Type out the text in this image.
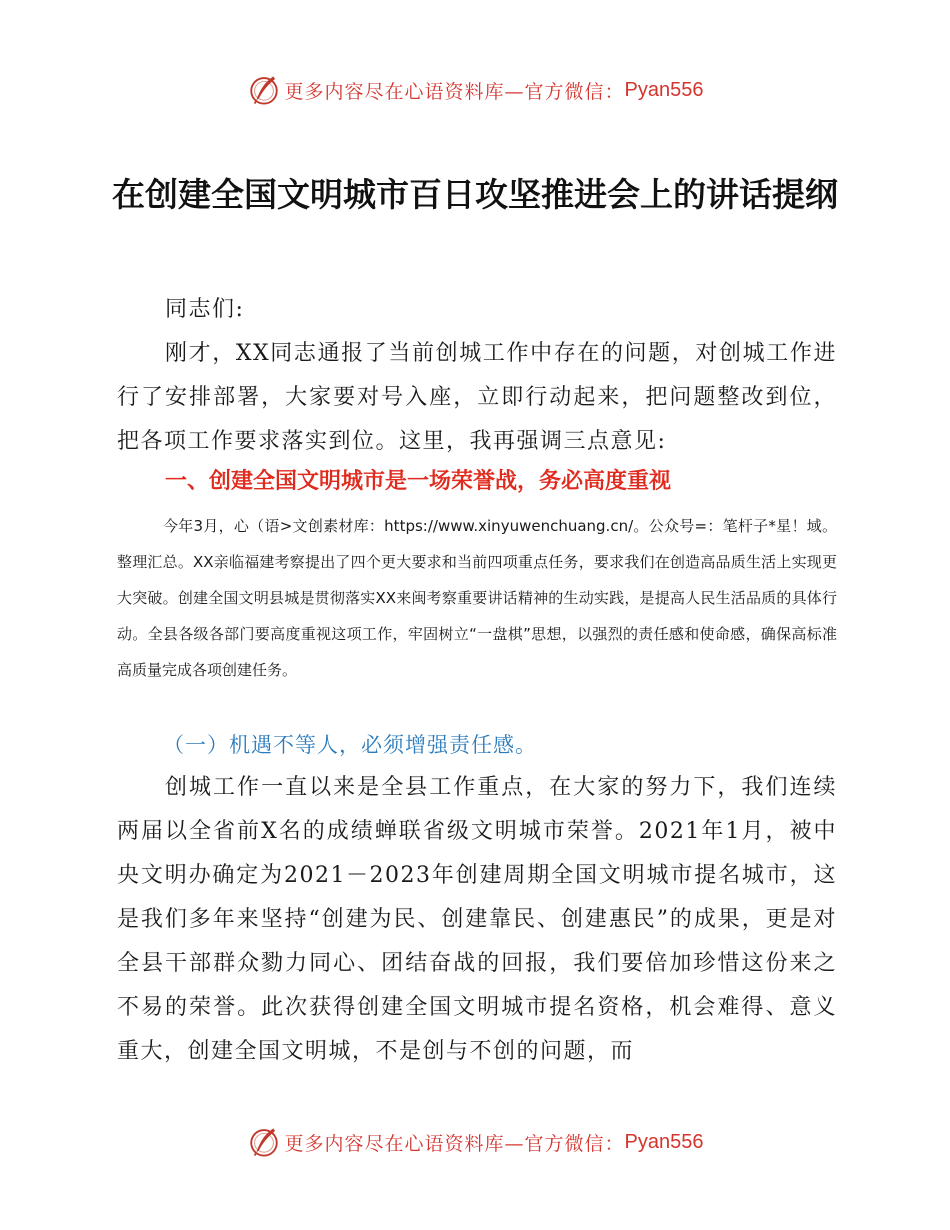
更多内容尽在心语资料库—官方微信： Pyan556
在创建全国文明城市百日攻坚推进会上的讲话提纲

同志们:

刚才，XX同志通报了当前创城工作中存在的问题，对创城工作进行了安排部署，大家要对号入座，立即行动起来，把问题整改到位，把各项工作要求落实到位。这里，我再强调三点意见:

一、创建全国文明城市是一场荣誉战，务必高度重视

今年3月，心（语>文创素材库：https://www.xinyuwenchuang.cn/。公众号=：笔杆子*星！域。整理汇总。XX亲临福建考察提出了四个更大要求和当前四项重点任务，要求我们在创造高品质生活上实现更大突破。创建全国文明县城是贯彻落实XX来闽考察重要讲话精神的生动实践，是提高人民生活品质的具体行动。全县各级各部门要高度重视这项工作，牢固树立“一盘棋”思想，以强烈的责任感和使命感，确保高标准高质量完成各项创建任务。

（一）机遇不等人，必须增强责任感。

创城工作一直以来是全县工作重点，在大家的努力下，我们连续两届以全省前X名的成绩蝉联省级文明城市荣誉。2021年1月，被中央文明办确定为2021－2023年创建周期全国文明城市提名城市，这是我们多年来坚持“创建为民、创建靠民、创建惠民”的成果，更是对全县干部群众勠力同心、团结奋战的回报，我们要倍加珍惜这份来之不易的荣誉。此次获得创建全国文明城市提名资格，机会难得、意义重大，创建全国文明城，不是创与不创的问题，而

更多内容尽在心语资料库—官方微信： Pyan556
